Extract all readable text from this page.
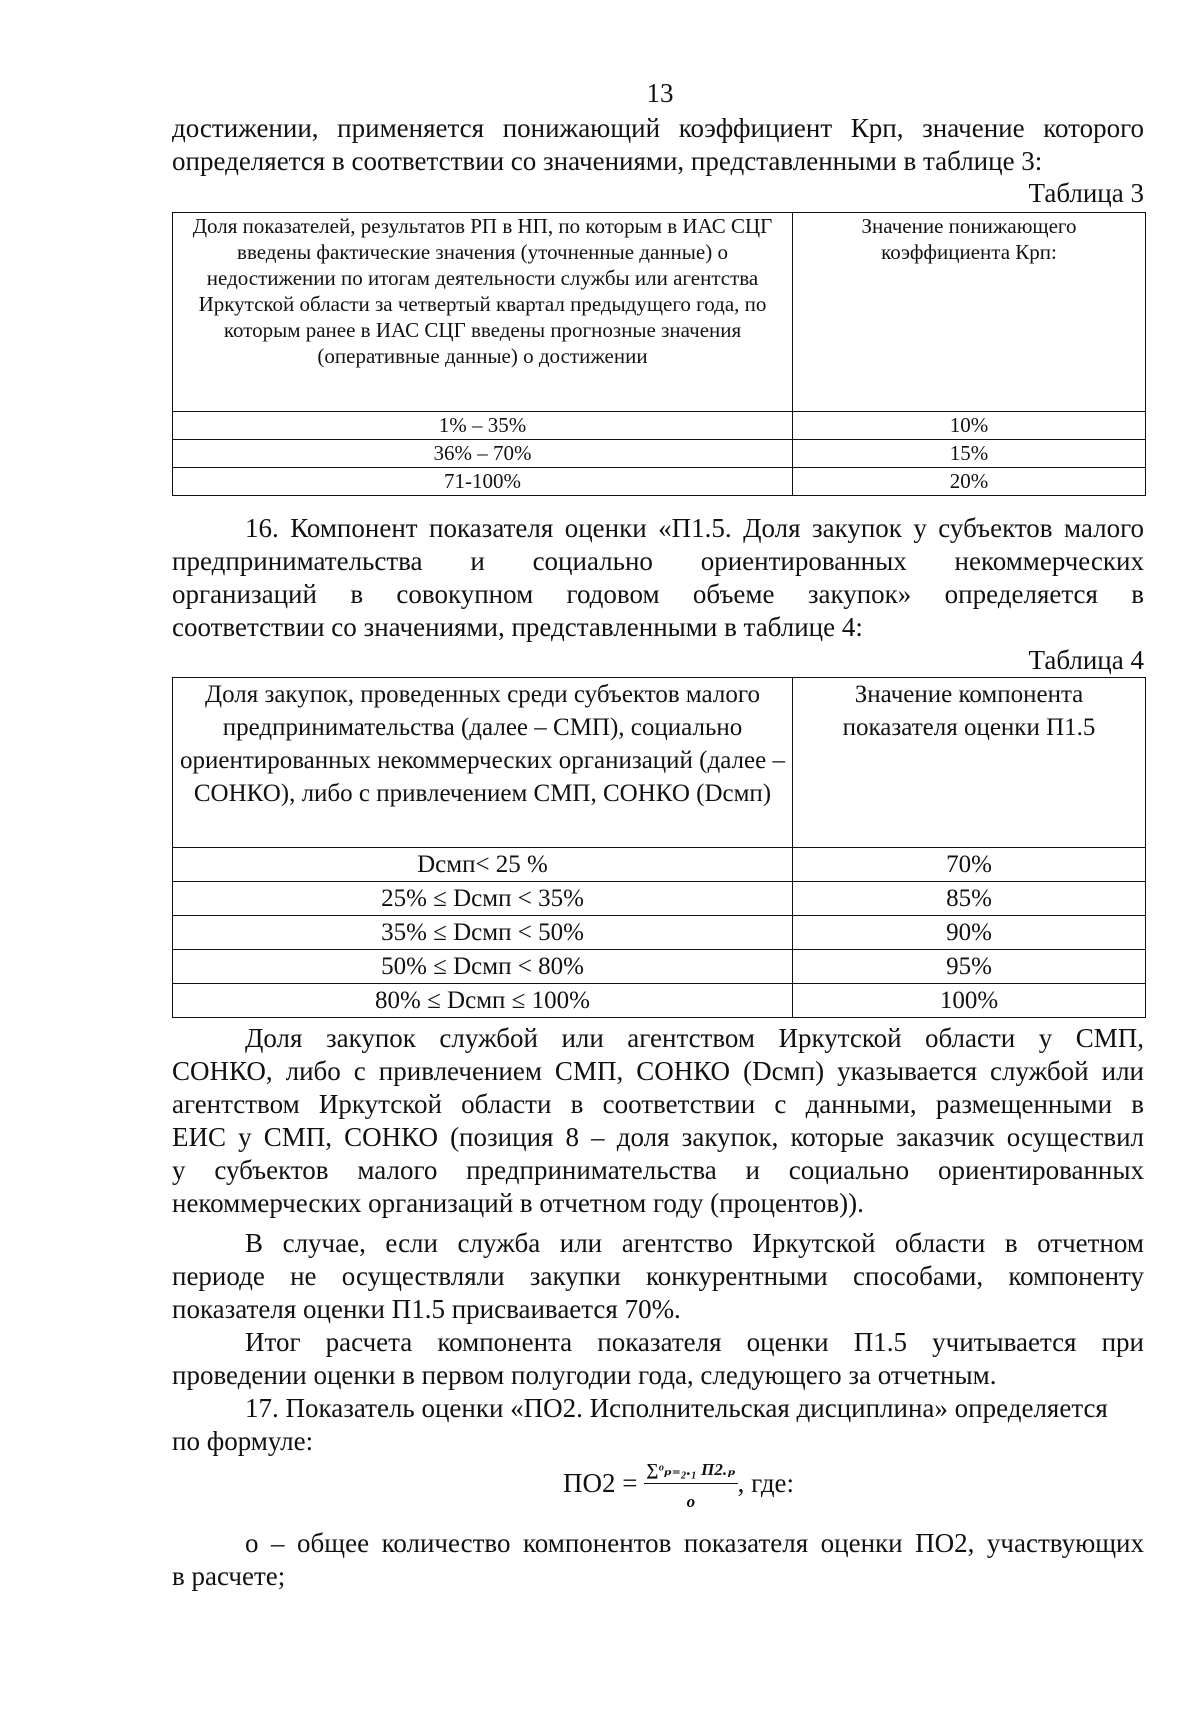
13
достижении, применяется понижающий коэффициент Крп, значение которого
определяется в соответствии со значениями, представленными в таблице 3:
Таблица 3
Доля показателей, результатов РП в НП, по которым в ИАС СЦГ введены фактические значения (уточненные данные) о недостижении по итогам деятельности службы или агентства Иркутской области за четвертый квартал предыдущего года, по которым ранее в ИАС СЦГ введены прогнозные значения (оперативные данные) о достижении	Значение понижающего коэффициента Крп:
1% – 35%	10%
36% – 70%	15%
71-100%	20%
16. Компонент показателя оценки «П1.5. Доля закупок у субъектов малого
предпринимательства и социально ориентированных некоммерческих
организаций в совокупном годовом объеме закупок» определяется в
соответствии со значениями, представленными в таблице 4:
Таблица 4
Доля закупок, проведенных среди субъектов малого предпринимательства (далее – СМП), социально ориентированных некоммерческих организаций (далее – СОНКО), либо с привлечением СМП, СОНКО (Dсмп)	Значение компонента показателя оценки П1.5
Dсмп< 25 %	70%
25% ≤ Dсмп < 35%	85%
35% ≤ Dсмп < 50%	90%
50% ≤ Dсмп < 80%	95%
80% ≤ Dсмп ≤ 100%	100%
Доля закупок службой или агентством Иркутской области у СМП,
СОНКО, либо с привлечением СМП, СОНКО (Dсмп) указывается службой или
агентством Иркутской области в соответствии с данными, размещенными в
ЕИС у СМП, СОНКО (позиция 8 – доля закупок, которые заказчик осуществил
у субъектов малого предпринимательства и социально ориентированных
некоммерческих организаций в отчетном году (процентов)).
В случае, если служба или агентство Иркутской области в отчетном
периоде не осуществляли закупки конкурентными способами, компоненту
показателя оценки П1.5 присваивается 70%.
Итог расчета компонента показателя оценки П1.5 учитывается при
проведении оценки в первом полугодии года, следующего за отчетным.
17. Показатель оценки «ПО2. Исполнительская дисциплина» определяется
по формуле:
$ПО2 = \frac{\text{∑ᵒₚ₌₂.₁ П2.ₚ}}{o}$ , где:
o – общее количество компонентов показателя оценки ПО2, участвующих
в расчете;
